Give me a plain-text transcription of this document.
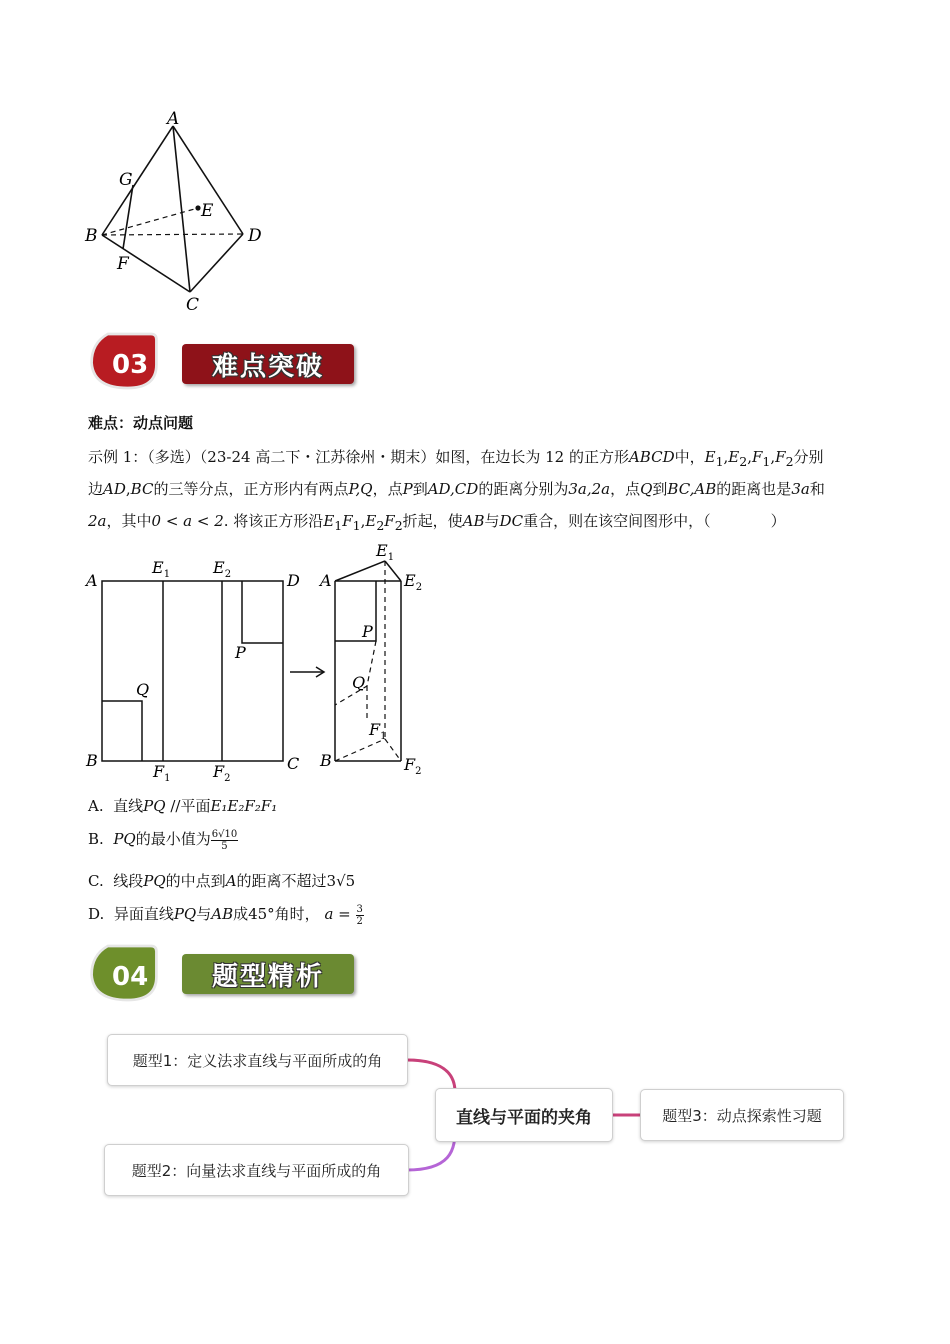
A
B
C
D
E
F
G
03	难点突破
难点：动点问题
示例 1：（多选）（23-24 高二下・江苏徐州・期末）如图，在边长为 12 的正方形ABCD中，$E_1,E_2,F_1,F_2$分别
边AD,BC的三等分点，正方形内有两点P,Q，点P到AD,CD的距离分别为3a,2a，点Q到BC,AB的距离也是3a和
2a，其中0 < a < 2. 将该正方形沿$E_1F_1,E_2F_2$折起，使AB与DC重合，则在该空间图形中，（　　　　）
A
B	C
D
P
Q
$E_1$	$E_2$
$F_1$	$F_2$
A
B
P
Q
$E_1$
$E_2$
$F_1$
$F_2$
A. 直线PQ //平面E₁E₂F₂F₁
B. PQ的最小值为 $\frac{6√10}{5}$
C. 线段PQ的中点到A的距离不超过3√5
D. 异面直线PQ与AB成45°角时， $a = \frac{3}{2}$
04	题型精析
题型1：定义法求直线与平面所成的角
题型2：向量法求直线与平面所成的角
直线与平面的夹角	题型3：动点探索性习题
